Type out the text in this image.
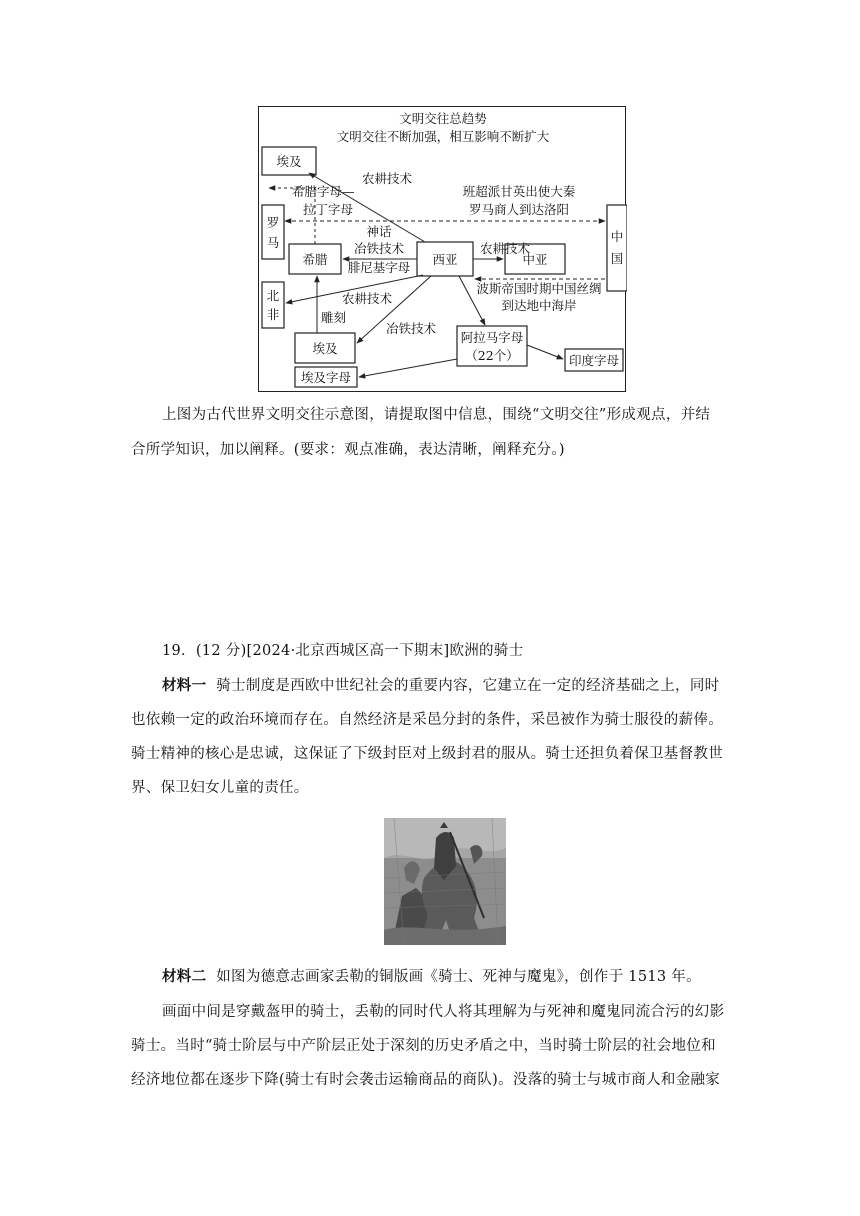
文明交往总趋势
文明交往不断加强，相互影响不断扩大
埃及
罗
马
希腊	西亚	中亚
中
国
北
非
埃及
埃及字母
阿拉马字母
（22个）	印度字母
农耕技术
希腊字母—
拉丁字母
班超派甘英出使大秦
罗马商人到达洛阳
神话
冶铁技术
腓尼基字母
农耕技术
波斯帝国时期中国丝绸
到达地中海岸
农耕技术
雕刻
冶铁技术
上图为古代世界文明交往示意图，请提取图中信息，围绕“文明交往”形成观点，并结
合所学知识，加以阐释。(要求：观点准确，表达清晰，阐释充分。)
19．(12 分)[2024·北京西城区高一下期末]欧洲的骑士
材料一 骑士制度是西欧中世纪社会的重要内容，它建立在一定的经济基础之上，同时
也依赖一定的政治环境而存在。自然经济是采邑分封的条件，采邑被作为骑士服役的薪俸。
骑士精神的核心是忠诚，这保证了下级封臣对上级封君的服从。骑士还担负着保卫基督教世
界、保卫妇女儿童的责任。
材料二 如图为德意志画家丢勒的铜版画《骑士、死神与魔鬼》，创作于 1513 年。
画面中间是穿戴盔甲的骑士，丢勒的同时代人将其理解为与死神和魔鬼同流合污的幻影
骑士。当时“骑士阶层与中产阶层正处于深刻的历史矛盾之中，当时骑士阶层的社会地位和
经济地位都在逐步下降(骑士有时会袭击运输商品的商队)。没落的骑士与城市商人和金融家
